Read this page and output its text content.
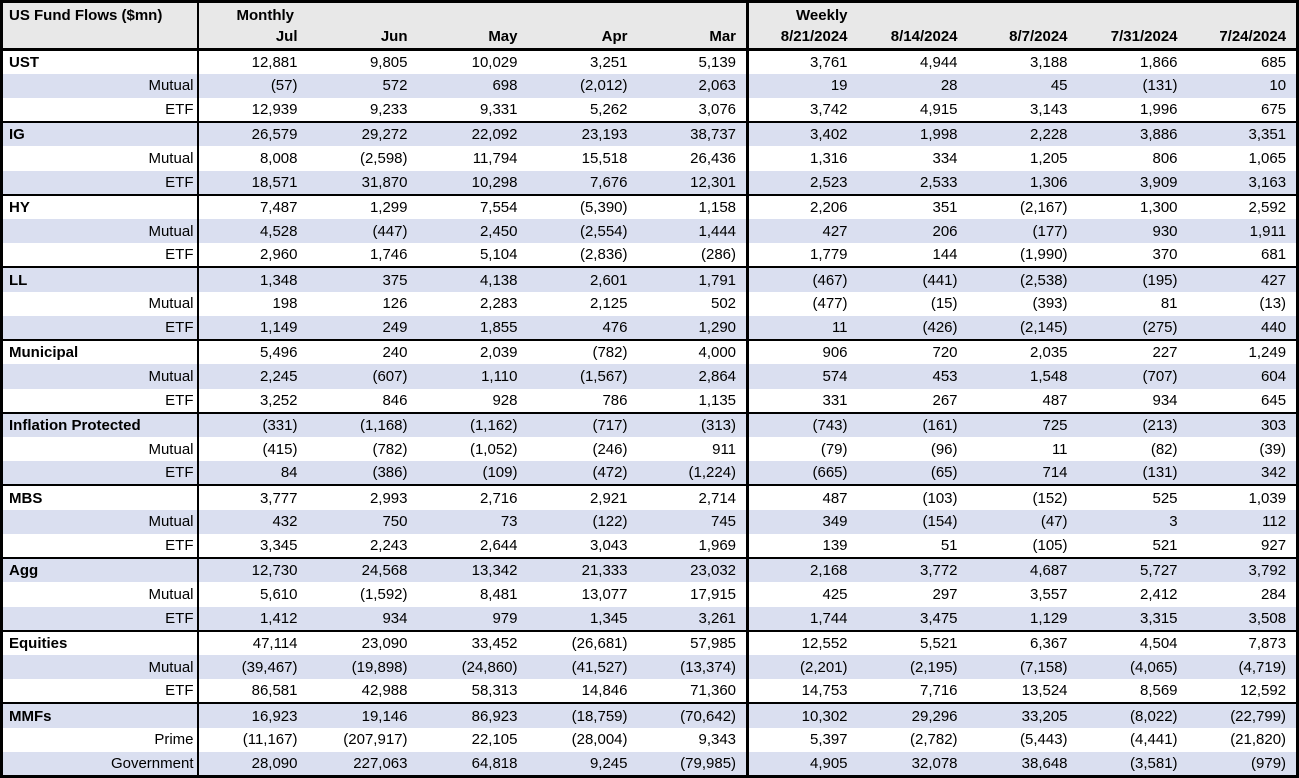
US Fund Flows ($mn)	Monthly					Weekly				
	Jul	Jun	May	Apr	Mar	8/21/2024	8/14/2024	8/7/2024	7/31/2024	7/24/2024
UST	12,881	9,805	10,029	3,251	5,139	3,761	4,944	3,188	1,866	685
Mutual	(57)	572	698	(2,012)	2,063	19	28	45	(131)	10
ETF	12,939	9,233	9,331	5,262	3,076	3,742	4,915	3,143	1,996	675
IG	26,579	29,272	22,092	23,193	38,737	3,402	1,998	2,228	3,886	3,351
Mutual	8,008	(2,598)	11,794	15,518	26,436	1,316	334	1,205	806	1,065
ETF	18,571	31,870	10,298	7,676	12,301	2,523	2,533	1,306	3,909	3,163
HY	7,487	1,299	7,554	(5,390)	1,158	2,206	351	(2,167)	1,300	2,592
Mutual	4,528	(447)	2,450	(2,554)	1,444	427	206	(177)	930	1,911
ETF	2,960	1,746	5,104	(2,836)	(286)	1,779	144	(1,990)	370	681
LL	1,348	375	4,138	2,601	1,791	(467)	(441)	(2,538)	(195)	427
Mutual	198	126	2,283	2,125	502	(477)	(15)	(393)	81	(13)
ETF	1,149	249	1,855	476	1,290	11	(426)	(2,145)	(275)	440
Municipal	5,496	240	2,039	(782)	4,000	906	720	2,035	227	1,249
Mutual	2,245	(607)	1,110	(1,567)	2,864	574	453	1,548	(707)	604
ETF	3,252	846	928	786	1,135	331	267	487	934	645
Inflation Protected	(331)	(1,168)	(1,162)	(717)	(313)	(743)	(161)	725	(213)	303
Mutual	(415)	(782)	(1,052)	(246)	911	(79)	(96)	11	(82)	(39)
ETF	84	(386)	(109)	(472)	(1,224)	(665)	(65)	714	(131)	342
MBS	3,777	2,993	2,716	2,921	2,714	487	(103)	(152)	525	1,039
Mutual	432	750	73	(122)	745	349	(154)	(47)	3	112
ETF	3,345	2,243	2,644	3,043	1,969	139	51	(105)	521	927
Agg	12,730	24,568	13,342	21,333	23,032	2,168	3,772	4,687	5,727	3,792
Mutual	5,610	(1,592)	8,481	13,077	17,915	425	297	3,557	2,412	284
ETF	1,412	934	979	1,345	3,261	1,744	3,475	1,129	3,315	3,508
Equities	47,114	23,090	33,452	(26,681)	57,985	12,552	5,521	6,367	4,504	7,873
Mutual	(39,467)	(19,898)	(24,860)	(41,527)	(13,374)	(2,201)	(2,195)	(7,158)	(4,065)	(4,719)
ETF	86,581	42,988	58,313	14,846	71,360	14,753	7,716	13,524	8,569	12,592
MMFs	16,923	19,146	86,923	(18,759)	(70,642)	10,302	29,296	33,205	(8,022)	(22,799)
Prime	(11,167)	(207,917)	22,105	(28,004)	9,343	5,397	(2,782)	(5,443)	(4,441)	(21,820)
Government	28,090	227,063	64,818	9,245	(79,985)	4,905	32,078	38,648	(3,581)	(979)
